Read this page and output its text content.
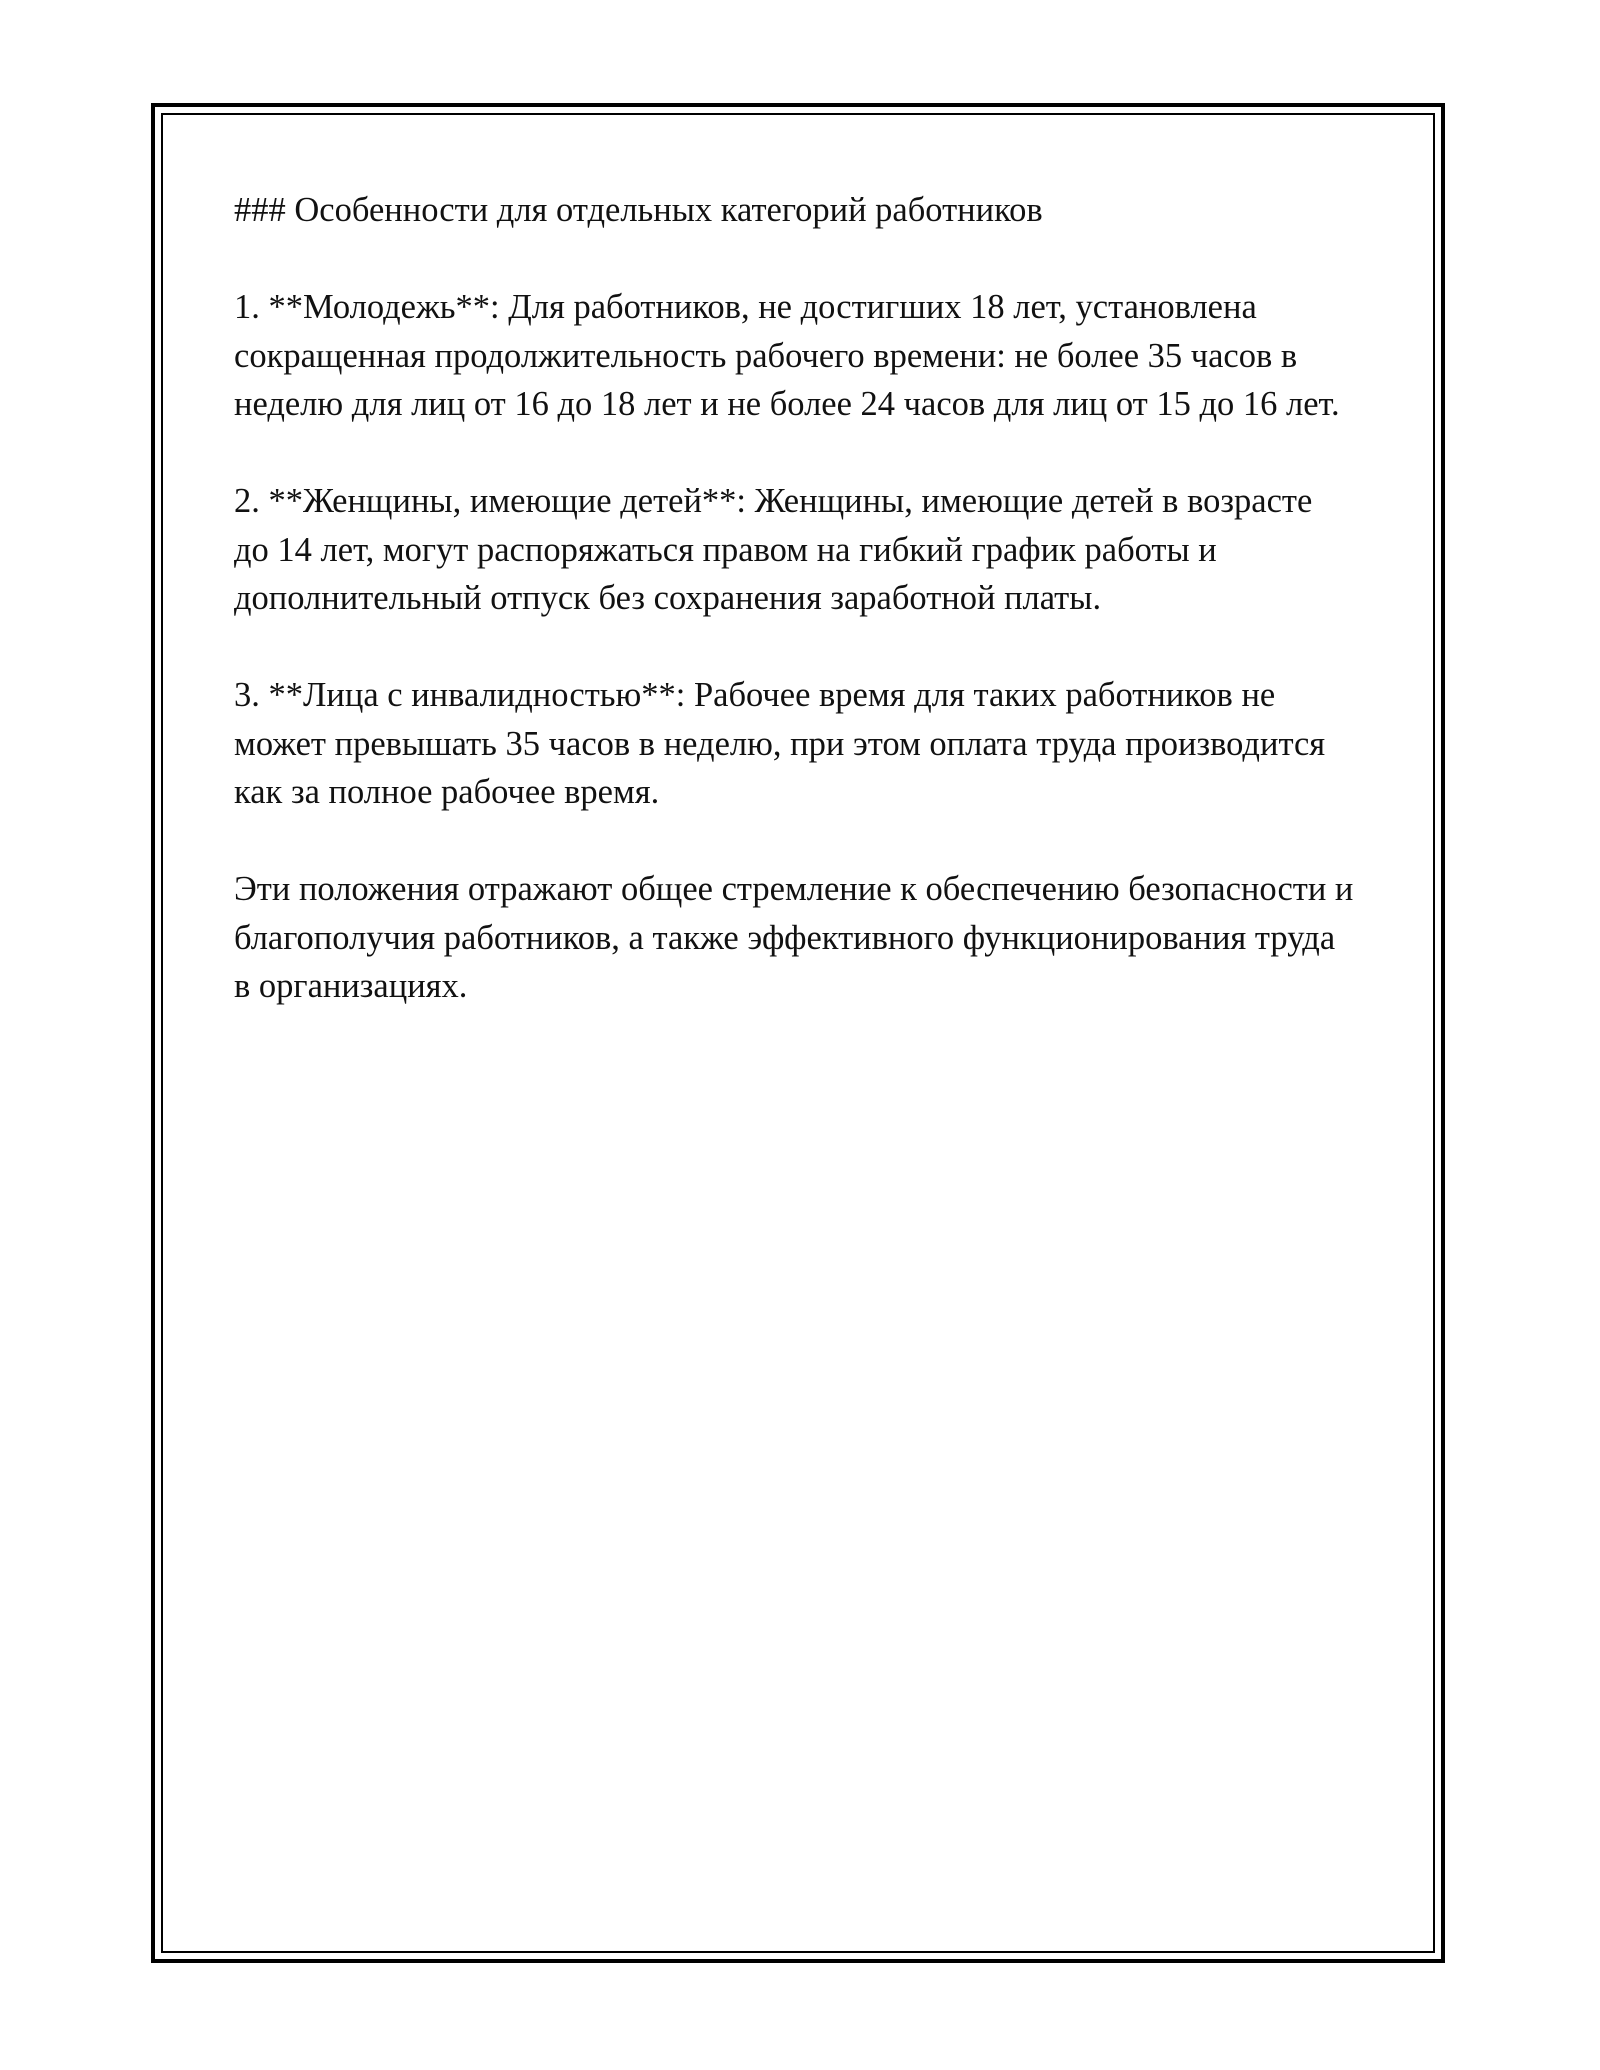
### Особенности для отдельных категорий работников

1. **Молодежь**: Для работников, не достигших 18 лет, установлена сокращенная продолжительность рабочего времени: не более 35 часов в неделю для лиц от 16 до 18 лет и не более 24 часов для лиц от 15 до 16 лет.

2. **Женщины, имеющие детей**: Женщины, имеющие детей в возрасте до 14 лет, могут распоряжаться правом на гибкий график работы и дополнительный отпуск без сохранения заработной платы.

3. **Лица с инвалидностью**: Рабочее время для таких работников не может превышать 35 часов в неделю, при этом оплата труда производится как за полное рабочее время.

Эти положения отражают общее стремление к обеспечению безопасности и благополучия работников, а также эффективного функционирования труда в организациях.
